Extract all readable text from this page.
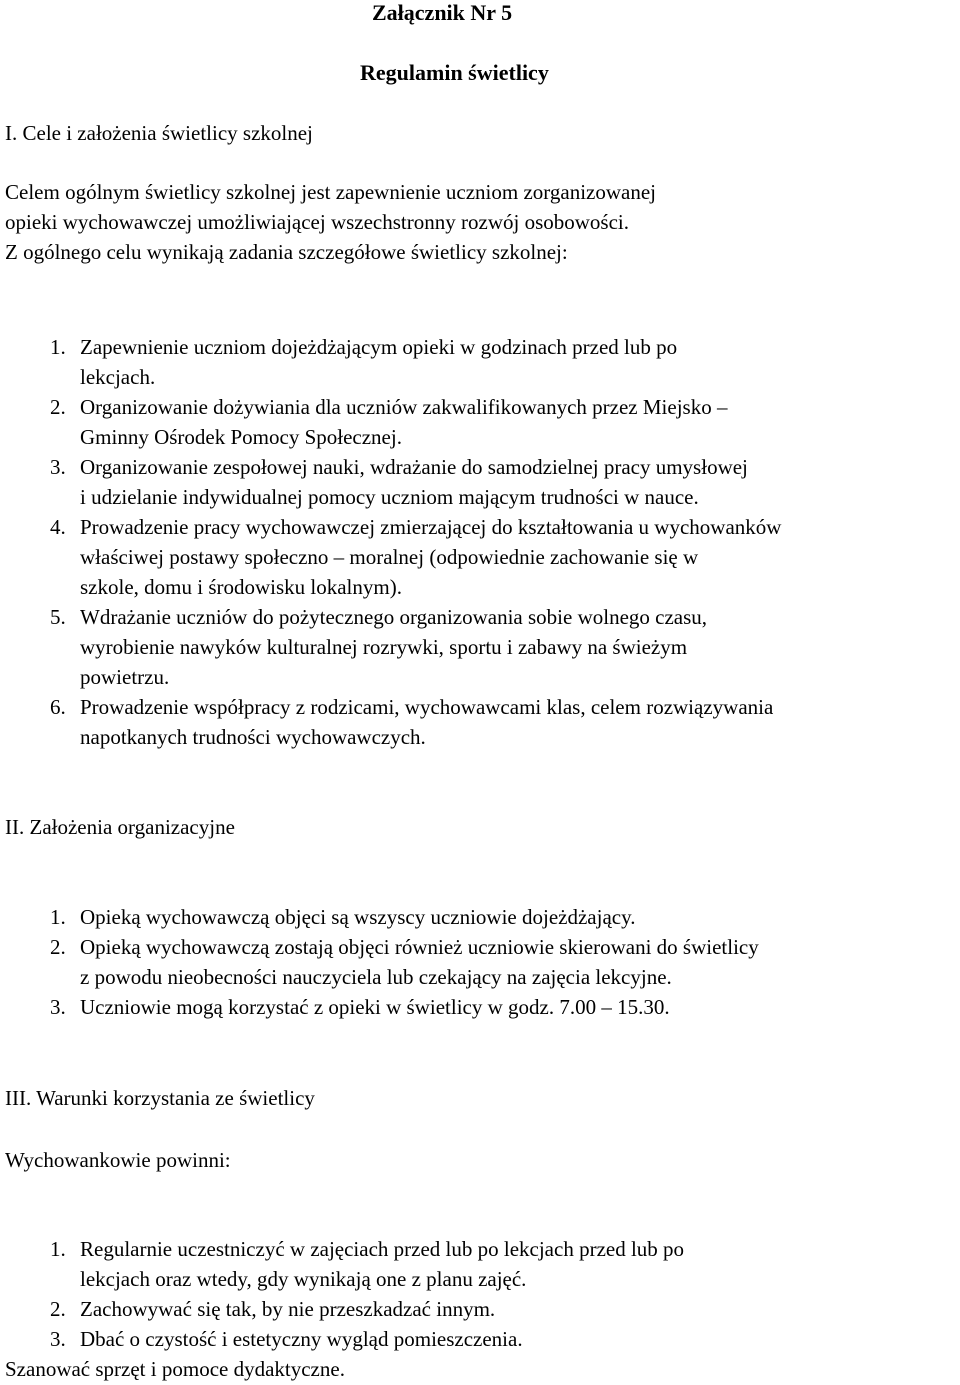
Załącznik Nr 5
Regulamin świetlicy
I. Cele i założenia świetlicy szkolnej
Celem ogólnym świetlicy szkolnej jest zapewnienie uczniom zorganizowanej
opieki wychowawczej umożliwiającej wszechstronny rozwój osobowości.
Z ogólnego celu wynikają zadania szczegółowe świetlicy szkolnej:
1. Zapewnienie uczniom dojeżdżającym opieki w godzinach przed lub po
lekcjach.
2. Organizowanie dożywiania dla uczniów zakwalifikowanych przez Miejsko –
Gminny Ośrodek Pomocy Społecznej.
3. Organizowanie zespołowej nauki, wdrażanie do samodzielnej pracy umysłowej
i udzielanie indywidualnej pomocy uczniom mającym trudności w nauce.
4. Prowadzenie pracy wychowawczej zmierzającej do kształtowania u wychowanków
właściwej postawy społeczno – moralnej (odpowiednie zachowanie się w
szkole, domu i środowisku lokalnym).
5. Wdrażanie uczniów do pożytecznego organizowania sobie wolnego czasu,
wyrobienie nawyków kulturalnej rozrywki, sportu i zabawy na świeżym
powietrzu.
6. Prowadzenie współpracy z rodzicami, wychowawcami klas, celem rozwiązywania
napotkanych trudności wychowawczych.
II. Założenia organizacyjne
1. Opieką wychowawczą objęci są wszyscy uczniowie dojeżdżający.
2. Opieką wychowawczą zostają objęci również uczniowie skierowani do świetlicy
z powodu nieobecności nauczyciela lub czekający na zajęcia lekcyjne.
3. Uczniowie mogą korzystać z opieki w świetlicy w godz. 7.00 – 15.30.
III. Warunki korzystania ze świetlicy
Wychowankowie powinni:
1. Regularnie uczestniczyć w zajęciach przed lub po lekcjach przed lub po
lekcjach oraz wtedy, gdy wynikają one z planu zajęć.
2. Zachowywać się tak, by nie przeszkadzać innym.
3. Dbać o czystość i estetyczny wygląd pomieszczenia.
Szanować sprzęt i pomoce dydaktyczne.
